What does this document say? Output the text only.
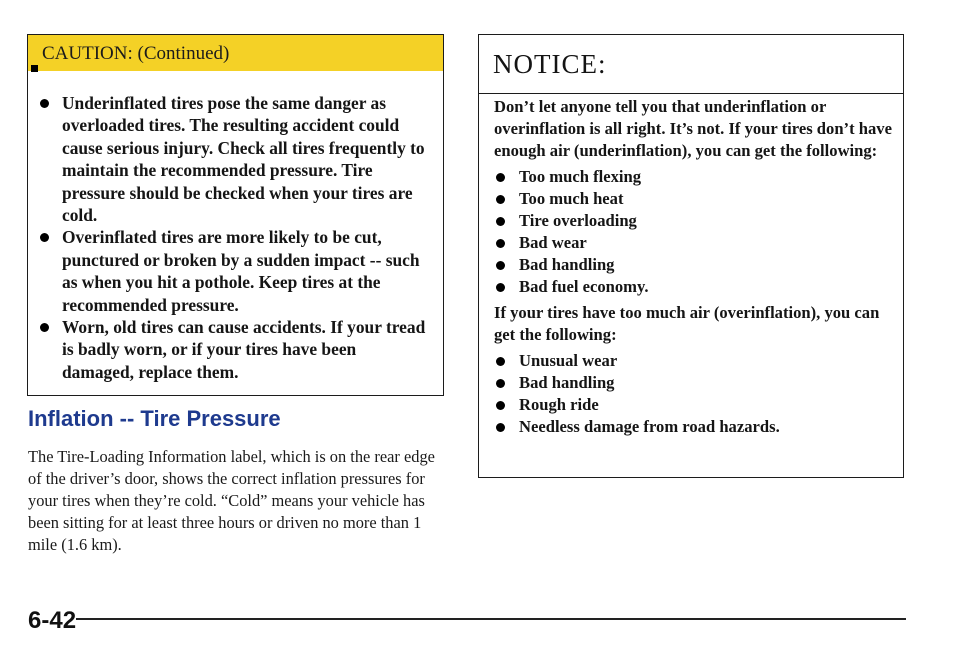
CAUTION: (Continued)
Underinflated tires pose the same danger as overloaded tires. The resulting accident could cause serious injury. Check all tires frequently to maintain the recommended pressure. Tire pressure should be checked when your tires are cold.
Overinflated tires are more likely to be cut, punctured or broken by a sudden impact -- such as when you hit a pothole. Keep tires at the recommended pressure.
Worn, old tires can cause accidents. If your tread is badly worn, or if your tires have been damaged, replace them.
Inflation -- Tire Pressure
The Tire-Loading Information label, which is on the rear edge of the driver’s door, shows the correct inflation pressures for your tires when they’re cold. “Cold” means your vehicle has been sitting for at least three hours or driven no more than 1 mile (1.6 km).
NOTICE:

Don’t let anyone tell you that underinflation or overinflation is all right. It’s not. If your tires don’t have enough air (underinflation), you can get the following:

Too much flexing
Too much heat
Tire overloading
Bad wear
Bad handling
Bad fuel economy.

If your tires have too much air (overinflation), you can get the following:

Unusual wear
Bad handling
Rough ride
Needless damage from road hazards.
6-42
